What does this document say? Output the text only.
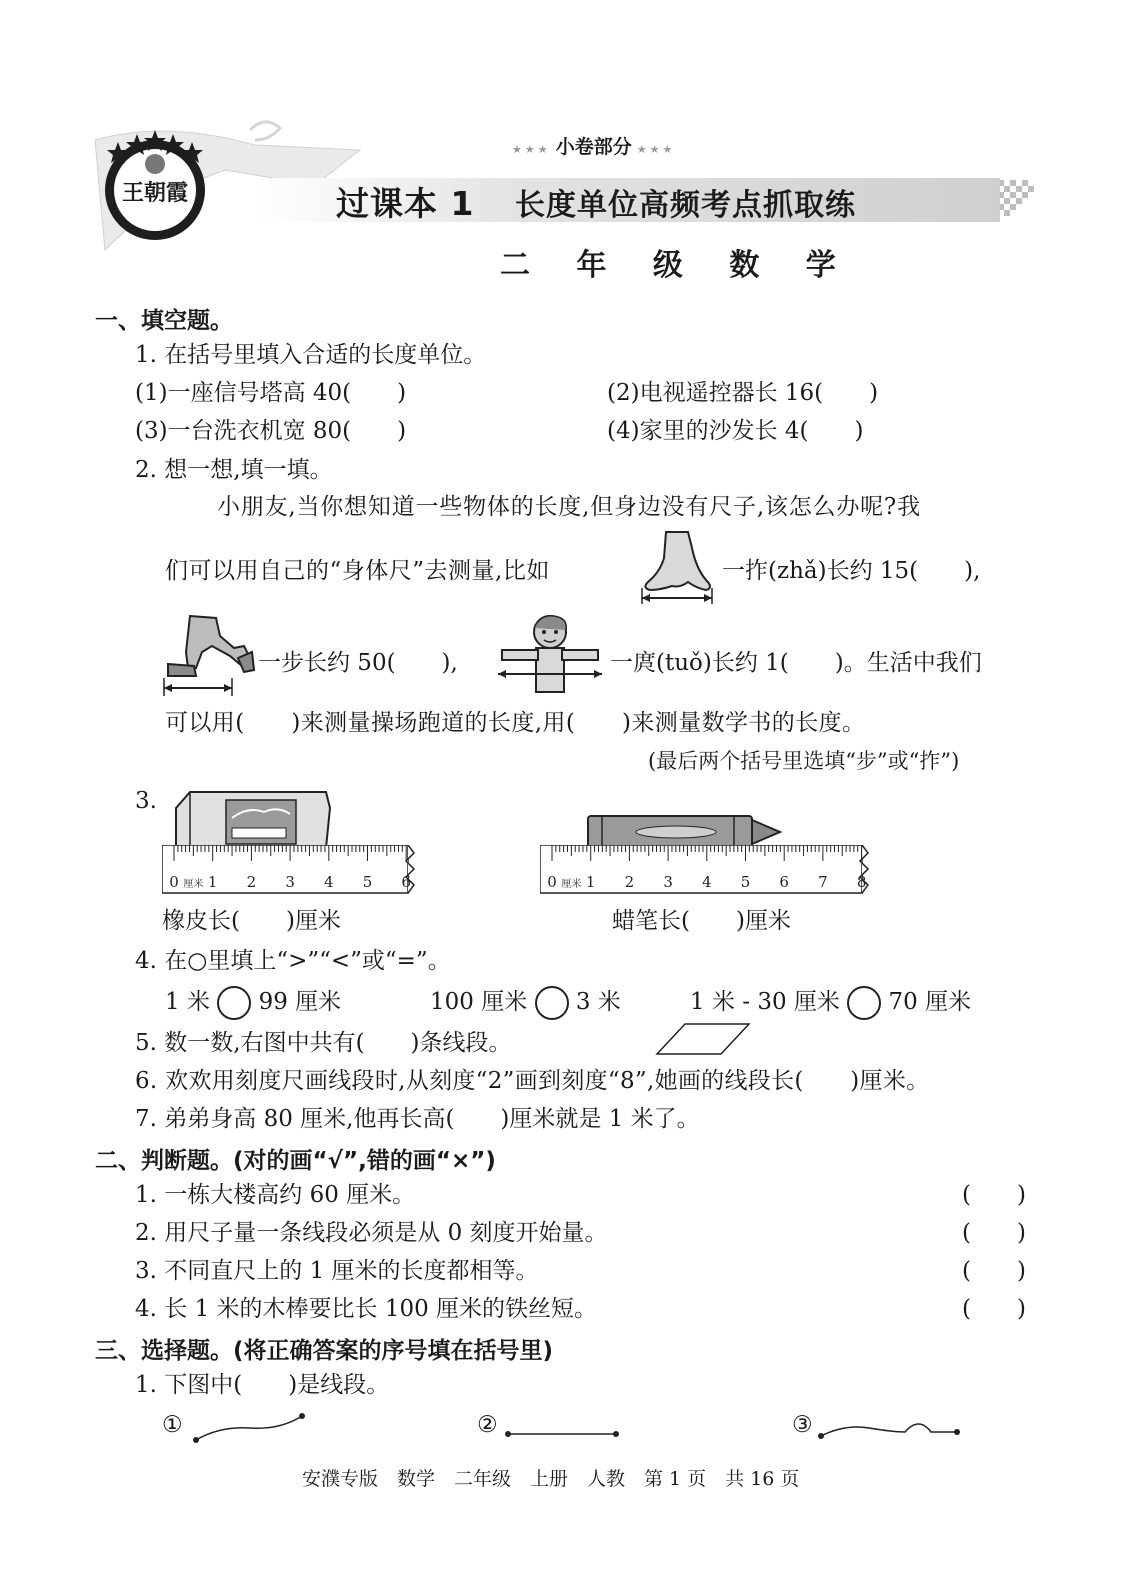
王朝霞
★★★ 小卷部分 ★★★
过课本 1 长度单位高频考点抓取练
二 年 级 数 学
一、填空题。
1. 在括号里填入合适的长度单位。
(1)一座信号塔高 40(　　)	(2)电视遥控器长 16(　　)
(3)一台洗衣机宽 80(　　)	(4)家里的沙发长 4(　　)
2. 想一想,填一填。
小朋友,当你想知道一些物体的长度,但身边没有尺子,该怎么办呢?我
们可以用自己的“身体尺”去测量,比如	一拃(zhǎ)长约 15(　　),
一步长约 50(　　),	一庹(tuǒ)长约 1(　　)。生活中我们
可以用(　　)来测量操场跑道的长度,用(　　)来测量数学书的长度。
(最后两个括号里选填“步”或“拃”)
3.
0 1 2 3 4 5 6
厘米	0 1 2 3 4 5 6 7 8
厘米
橡皮长(　　)厘米	蜡笔长(　　)厘米
4. 在○里填上“>”“<”或“=”。
1 米 99 厘米	100 厘米 3 米	1 米 - 30 厘米 70 厘米
5. 数一数,右图中共有(　　)条线段。
6. 欢欢用刻度尺画线段时,从刻度“2”画到刻度“8”,她画的线段长(　　)厘米。
7. 弟弟身高 80 厘米,他再长高(　　)厘米就是 1 米了。
二、判断题。(对的画“√”,错的画“×”)
1. 一栋大楼高约 60 厘米。	(　　)
2. 用尺子量一条线段必须是从 0 刻度开始量。	(　　)
3. 不同直尺上的 1 厘米的长度都相等。	(　　)
4. 长 1 米的木棒要比长 100 厘米的铁丝短。	(　　)
三、选择题。(将正确答案的序号填在括号里)
1. 下图中(　　)是线段。
①	②	③
安濮专版　数学　二年级　上册　人教　第 1 页　共 16 页
